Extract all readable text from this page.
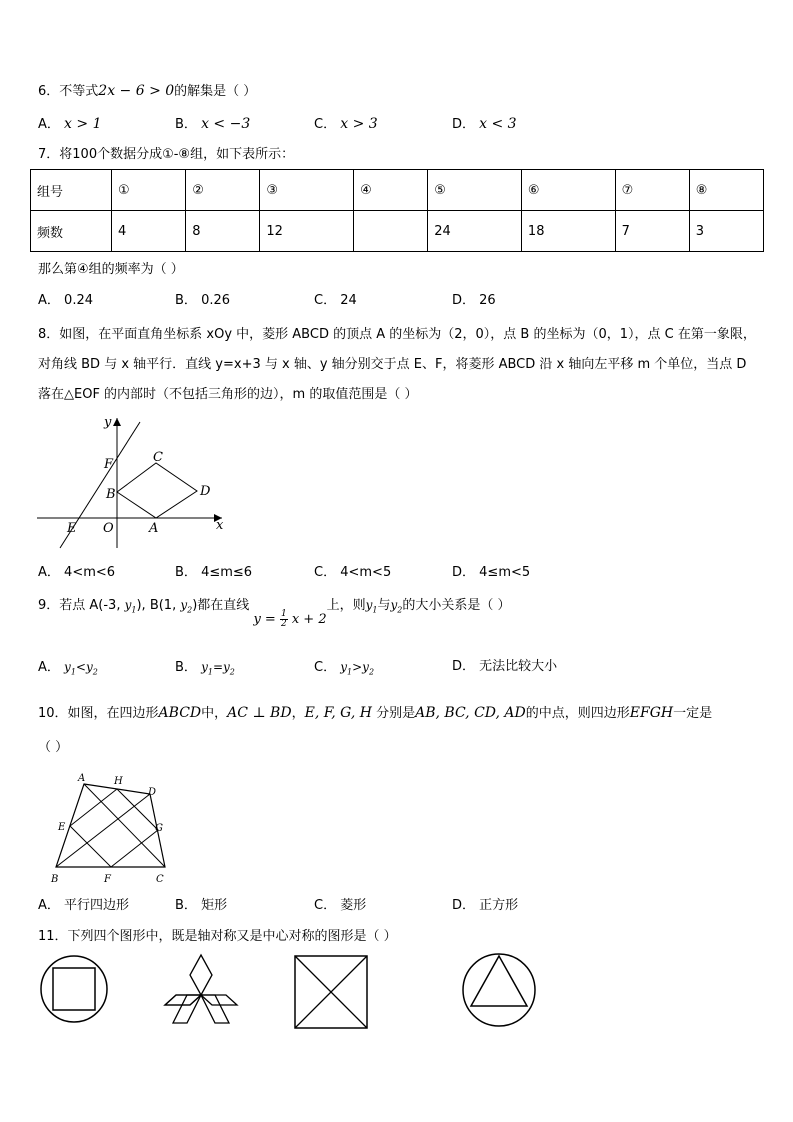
6．不等式2x − 6 > 0的解集是（ ）
A． x > 1	B． x < −3	C． x > 3	D． x < 3
7．将100个数据分成①-⑧组，如下表所示：
组号	①	②	③	④	⑤	⑥	⑦	⑧
频数	4	8	12		24	18	7	3
那么第④组的频率为（ ）
A． 0.24	B． 0.26	C． 24	D． 26
8．如图，在平面直角坐标系 xOy 中，菱形 ABCD 的顶点 A 的坐标为（2，0），点 B 的坐标为（0，1），点 C 在第一象限，对角线 BD 与 x 轴平行．直线 y=x+3 与 x 轴、y 轴分别交于点 E、F，将菱形 ABCD 沿 x 轴向左平移 m 个单位，当点 D 落在△EOF 的内部时（不包括三角形的边），m 的取值范围是（ ）
y
x
F	C
B	D
E O	A
A． 4<m<6	B． 4≤m≤6	C． 4<m<5	D． 4≤m<5
9．若点 A(-3, $y_1$), B(1, $y_2$)都在直线 $y = \frac{1}{2}$ x + 2上，则$y_1$与$y_2$的大小关系是（ ）
A． $y_1<y_2$	B． $y_1=y_2$	C． $y_1>y_2$	D． 无法比较大小
10．如图，在四边形ABCD中，AC ⊥ BD，E, F, G, H 分别是AB, BC, CD, AD的中点，则四边形EFGH一定是
（ ）
A	H
D
E	G
B	F	C
A． 平行四边形	B． 矩形	C． 菱形	D． 正方形
11．下列四个图形中，既是轴对称又是中心对称的图形是（ ）
